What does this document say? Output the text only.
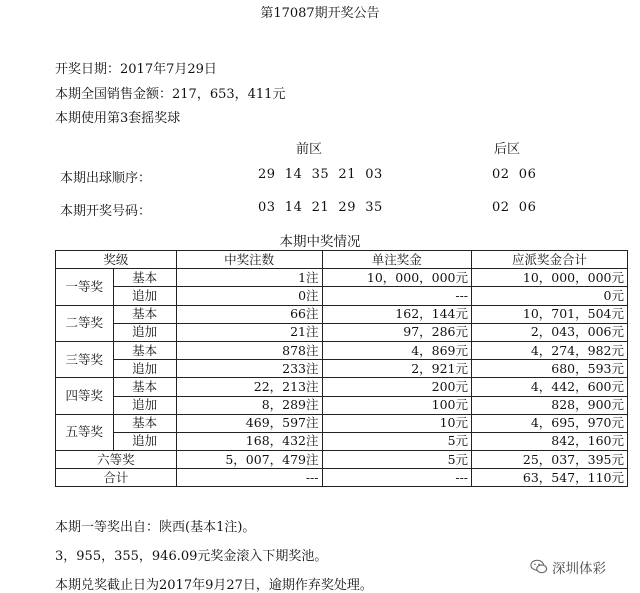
第17087期开奖公告
开奖日期：2017年7月29日
本期全国销售金额：217，653，411元
本期使用第3套摇奖球
前区	后区
本期出球顺序：	29  14  35  21  03	02  06
本期开奖号码：	03  14  21  29  35	02  06
本期中奖情况
奖级		中奖注数	单注奖金	应派奖金合计
一等奖	基本	1注	10，000，000元	10，000，000元
	追加	0注	---	0元
二等奖	基本	66注	162，144元	10，701，504元
	追加	21注	97，286元	2，043，006元
三等奖	基本	878注	4，869元	4，274，982元
	追加	233注	2，921元	680，593元
四等奖	基本	22，213注	200元	4，442，600元
	追加	8，289注	100元	828，900元
五等奖	基本	469，597注	10元	4，695，970元
	追加	168，432注	5元	842，160元
六等奖		5，007，479注	5元	25，037，395元
合计		---	---	63，547，110元
本期一等奖出自：陕西(基本1注)。
3，955，355，946.09元奖金滚入下期奖池。
本期兑奖截止日为2017年9月27日，逾期作弃奖处理。
深圳体彩
